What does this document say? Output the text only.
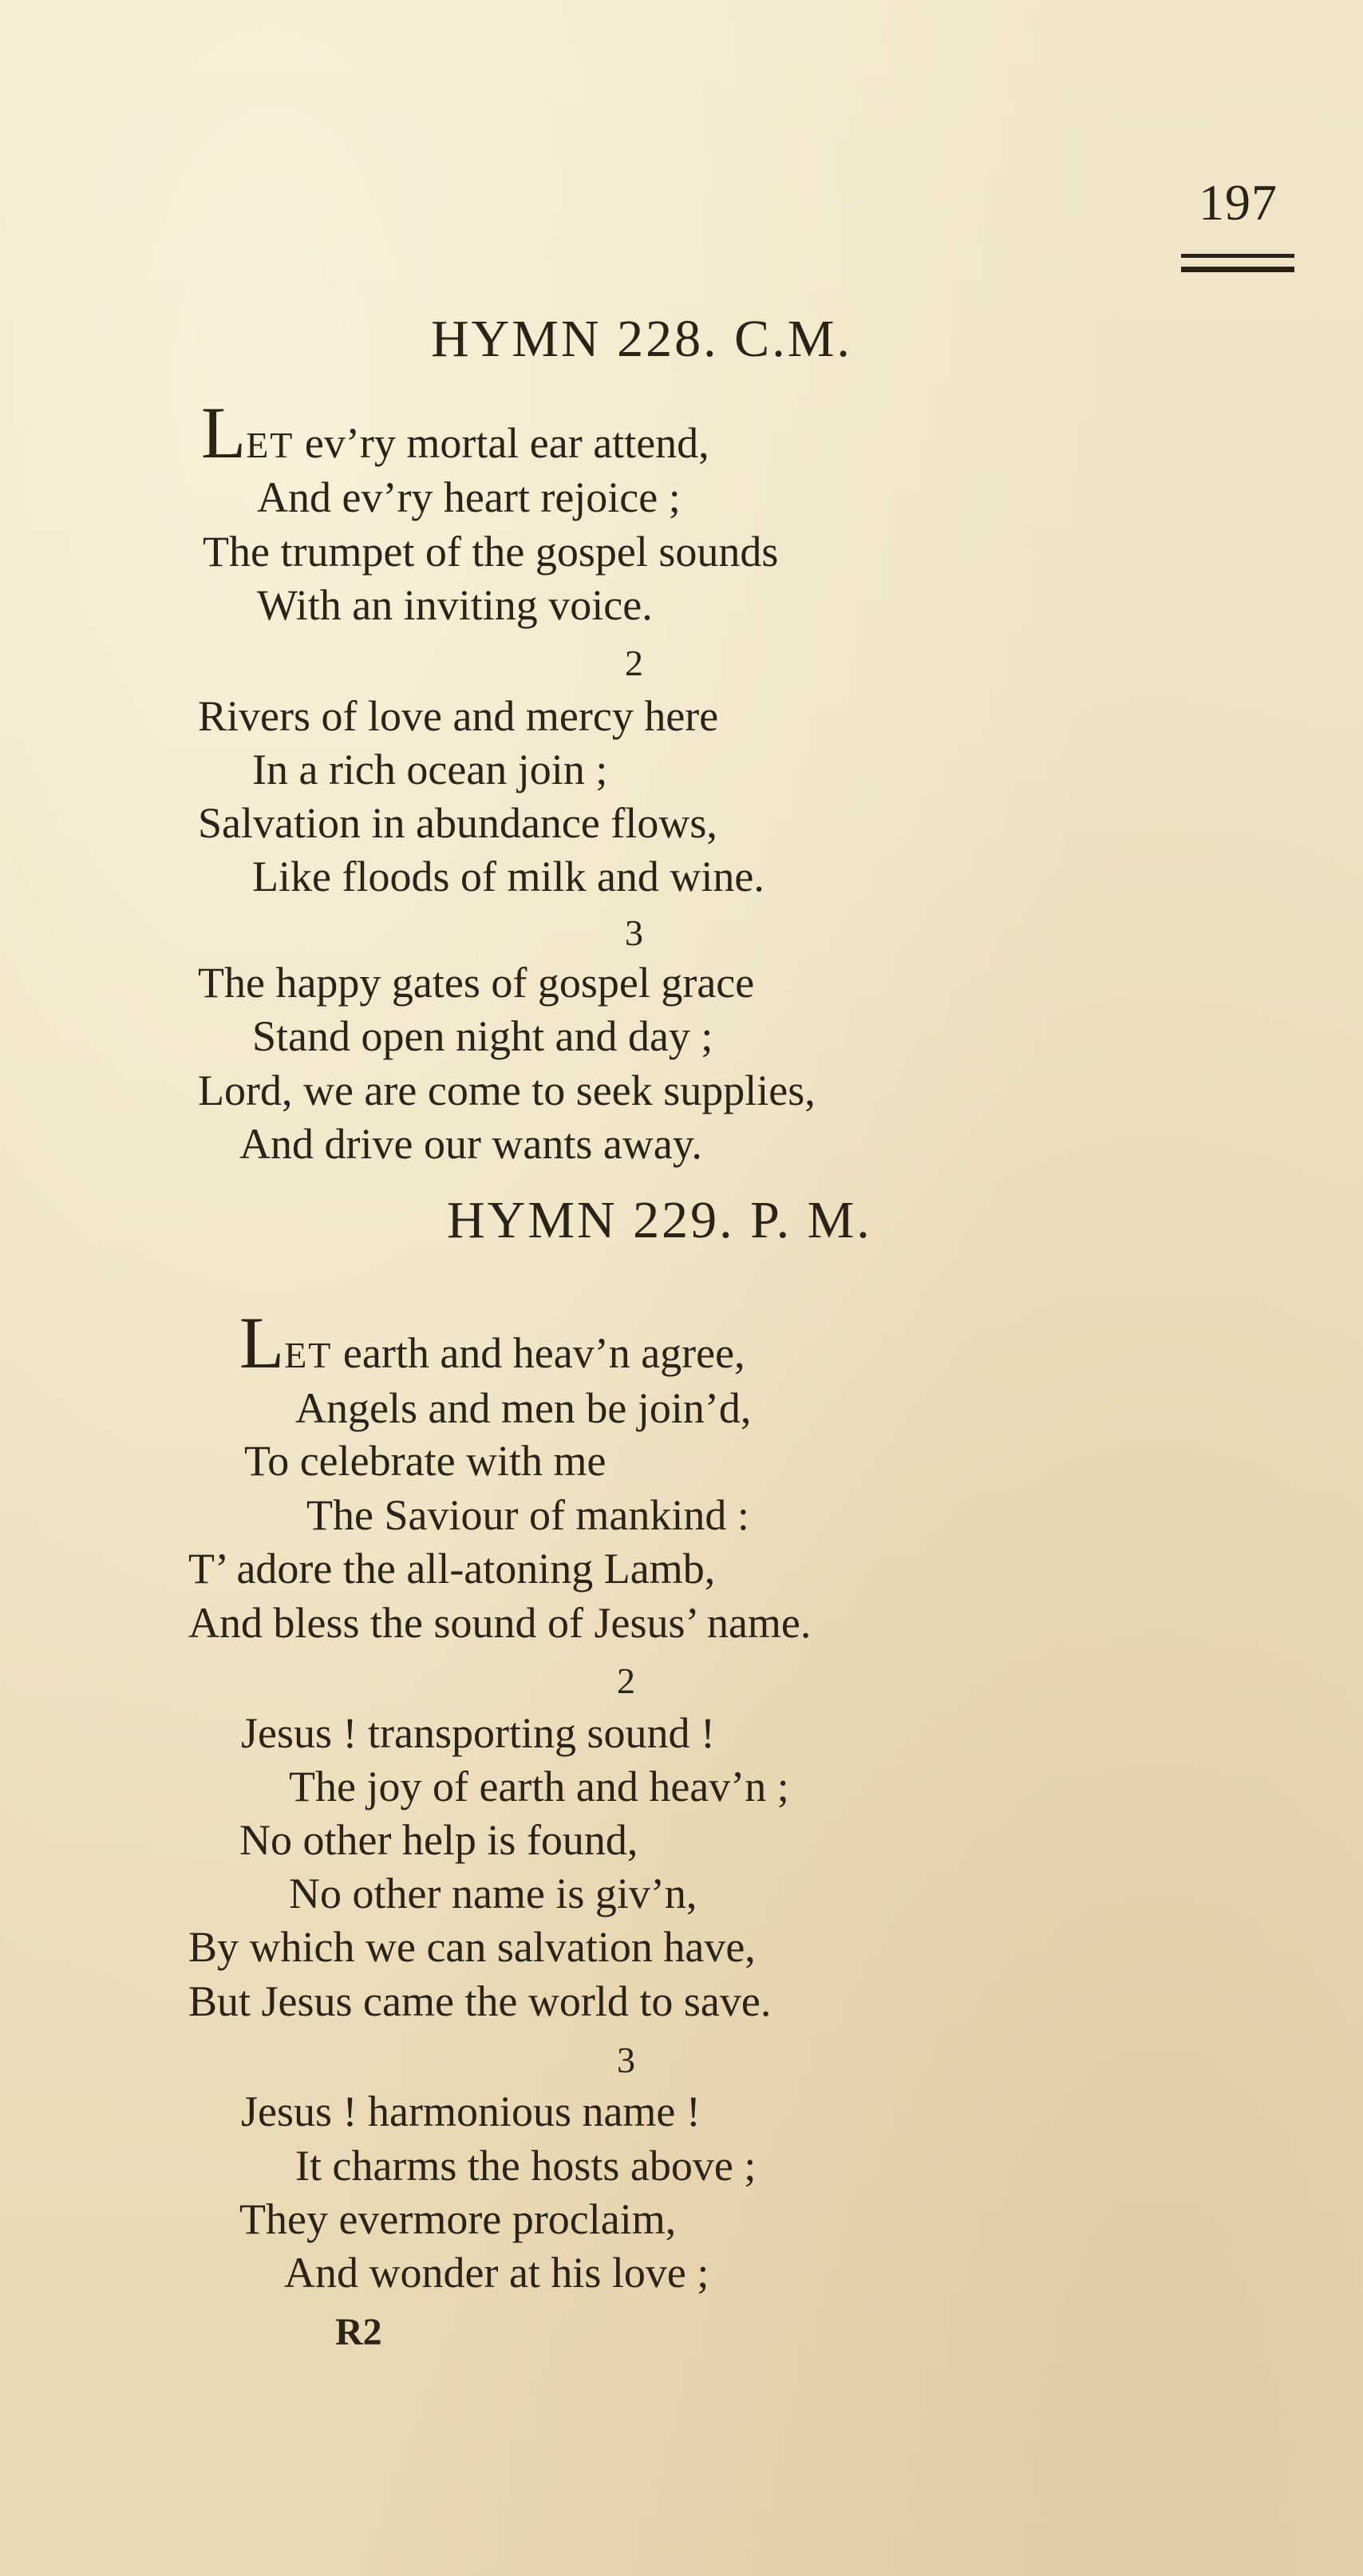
197
HYMN 228. C.M.
LET ev’ry mortal ear attend,
And ev’ry heart rejoice ;
The trumpet of the gospel sounds
With an inviting voice.
2
Rivers of love and mercy here
In a rich ocean join ;
Salvation in abundance flows,
Like floods of milk and wine.
3
The happy gates of gospel grace
Stand open night and day ;
Lord, we are come to seek supplies,
And drive our wants away.
HYMN 229. P. M.
LET earth and heav’n agree,
Angels and men be join’d,
To celebrate with me
The Saviour of mankind :
T’ adore the all-atoning Lamb,
And bless the sound of Jesus’ name.
2
Jesus ! transporting sound !
The joy of earth and heav’n ;
No other help is found,
No other name is giv’n,
By which we can salvation have,
But Jesus came the world to save.
3
Jesus ! harmonious name !
It charms the hosts above ;
They evermore proclaim,
And wonder at his love ;
R2
